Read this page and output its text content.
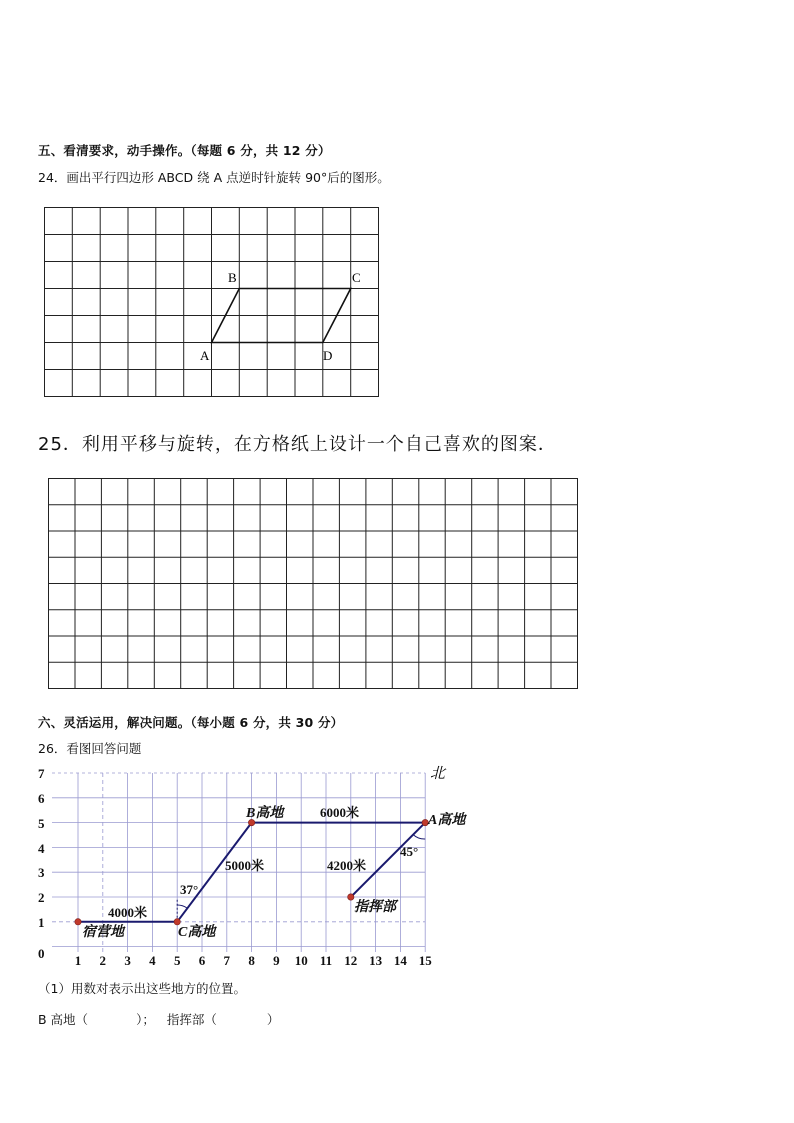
五、看清要求，动手操作。（每题 6 分，共 12 分）
24．画出平行四边形 ABCD 绕 A 点逆时针旋转 90°后的图形。
B	C
A	D
25．利用平移与旋转，在方格纸上设计一个自己喜欢的图案．
六、灵活运用，解决问题。（每小题 6 分，共 30 分）
26．看图回答问题
7
6
5
4
3
2
1
0 1 2 3 4 5 6 7 8 9 10 11 12 13 14 15
北
宿营地	C高地
B高地	A高地
指挥部
4000米
5000米
6000米
4200米
37°
45°
（1）用数对表示出这些地方的位置。
B 高地（	）； 指挥部（	）
